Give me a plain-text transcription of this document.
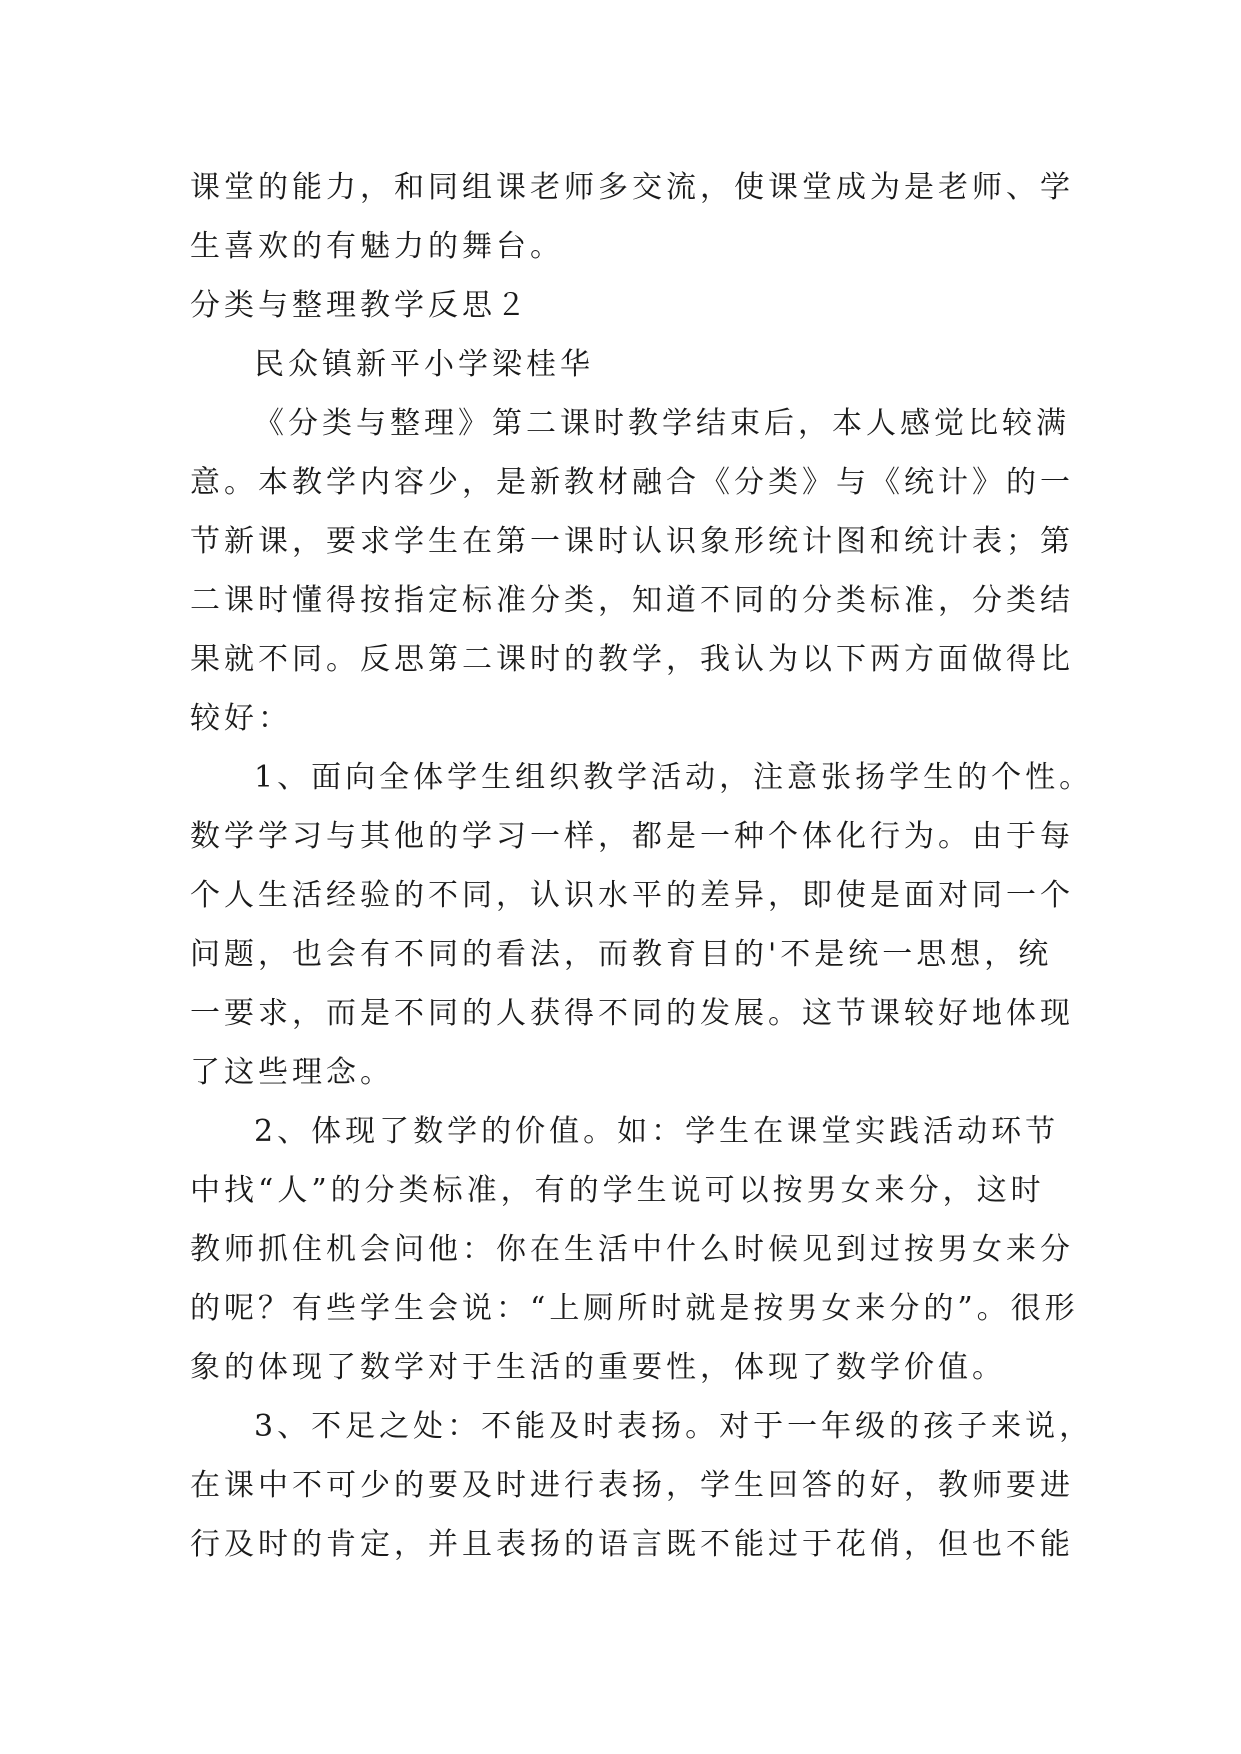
课堂的能力，和同组课老师多交流，使课堂成为是老师、学
生喜欢的有魅力的舞台。

分类与整理教学反思２

民众镇新平小学梁桂华

《分类与整理》第二课时教学结束后，本人感觉比较满

意。本教学内容少，是新教材融合《分类》与《统计》的一
节新课，要求学生在第一课时认识象形统计图和统计表；第
二课时懂得按指定标准分类，知道不同的分类标准，分类结
果就不同。反思第二课时的教学，我认为以下两方面做得比
较好：

1、面向全体学生组织教学活动，注意张扬学生的个性。

数学学习与其他的学习一样，都是一种个体化行为。由于每
个人生活经验的不同，认识水平的差异，即使是面对同一个
问题，也会有不同的看法，而教育目的'不是统一思想，统
一要求，而是不同的人获得不同的发展。这节课较好地体现
了这些理念。

2、体现了数学的价值。如：学生在课堂实践活动环节

中找“人”的分类标准，有的学生说可以按男女来分，这时
教师抓住机会问他：你在生活中什么时候见到过按男女来分
的呢？有些学生会说：“上厕所时就是按男女来分的”。很形
象的体现了数学对于生活的重要性，体现了数学价值。

3、不足之处：不能及时表扬。对于一年级的孩子来说，

在课中不可少的要及时进行表扬，学生回答的好，教师要进
行及时的肯定，并且表扬的语言既不能过于花俏，但也不能
